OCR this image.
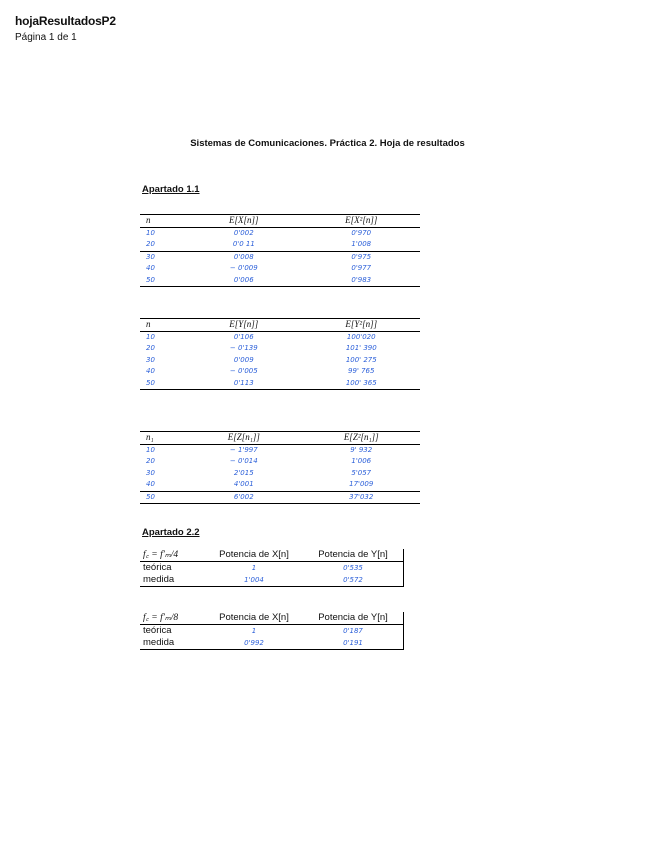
hojaResultadosP2
Página 1 de 1
Sistemas de Comunicaciones. Práctica 2. Hoja de resultados
Apartado 1.1
n	E[X[n]]	E[X²[n]]
10	0'002	0'970
20	0'0 11	1'008
30	0'008	0'975
40	− 0'009	0'977
50	0'006	0'983
n	E[Y[n]]	E[Y²[n]]
10	0'106	100'020
20	− 0'139	101' 390
30	0'009	100' 275
40	− 0'005	99' 765
50	0'113	100' 365
n₁	E[Z[n₁]]	E[Z²[n₁]]
10	− 1'997	9' 932
20	− 0'014	1'006
30	2'015	5'057
40	4'001	17'009
50	6'002	37'032
Apartado 2.2
f꜀ = f′ₘ/4	Potencia de X[n]	Potencia de Y[n]
teórica	1	0'535
medida	1'004	0'572
f꜀ = f′ₘ/8	Potencia de X[n]	Potencia de Y[n]
teórica	1	0'187
medida	0'992	0'191
